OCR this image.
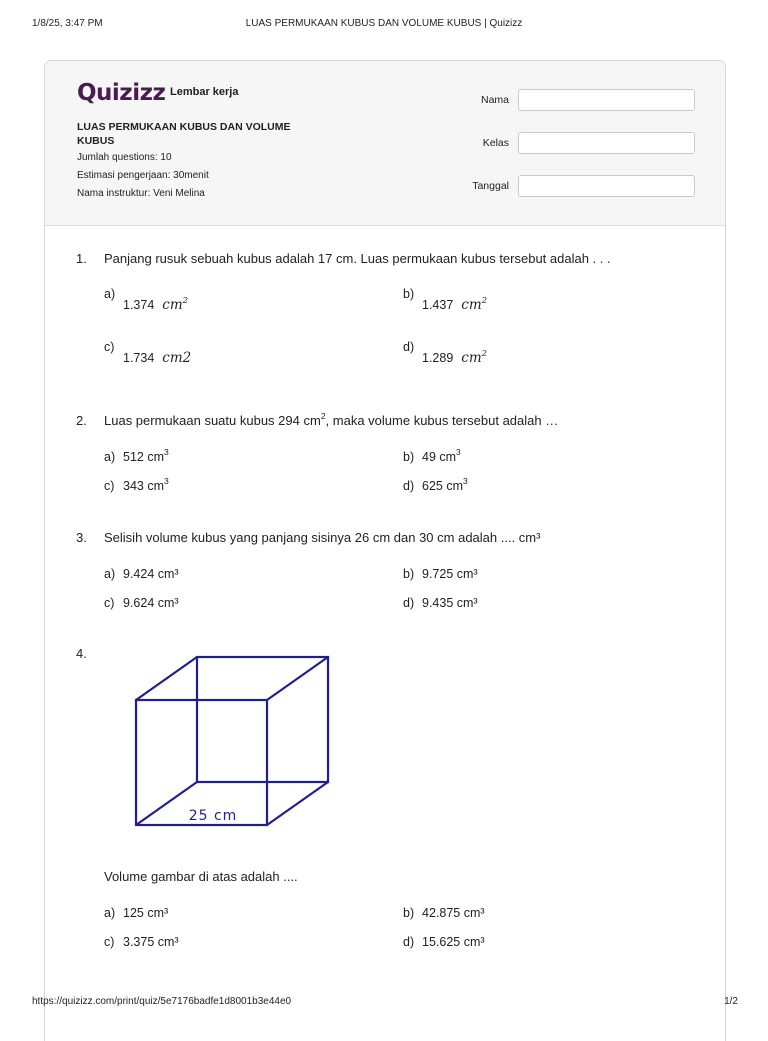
1/8/25, 3:47 PM	LUAS PERMUKAAN KUBUS DAN VOLUME KUBUS | Quizizz
Quizizz Lembar kerja
LUAS PERMUKAAN KUBUS DAN VOLUME KUBUS
Jumlah questions: 10
Estimasi pengerjaan: 30menit
Nama instruktur: Veni Melina
Nama
Kelas
Tanggal
1. Panjang rusuk sebuah kubus adalah 17 cm. Luas permukaan kubus tersebut adalah . . .
a)
1.374 $cm^2$	b)
1.437 $cm^2$
c)
1.734 cm2
d)
1.289 $cm^2$
2. Luas permukaan suatu kubus 294 $cm^2$, maka volume kubus tersebut adalah …
a) 512 $cm^3$	b) 49 $cm^3$
c) 343 $cm^3$	d) 625 $cm^3$
3. Selisih volume kubus yang panjang sisinya 26 cm dan 30 cm adalah .... cm³
a) 9.424 cm³	b) 9.725 cm³
c) 9.624 cm³	d) 9.435 cm³
4.
25 cm
Volume gambar di atas adalah ....
a) 125 cm³	b) 42.875 cm³
c) 3.375 cm³	d) 15.625 cm³
https://quizizz.com/print/quiz/5e7176badfe1d8001b3e44e0	1/2
